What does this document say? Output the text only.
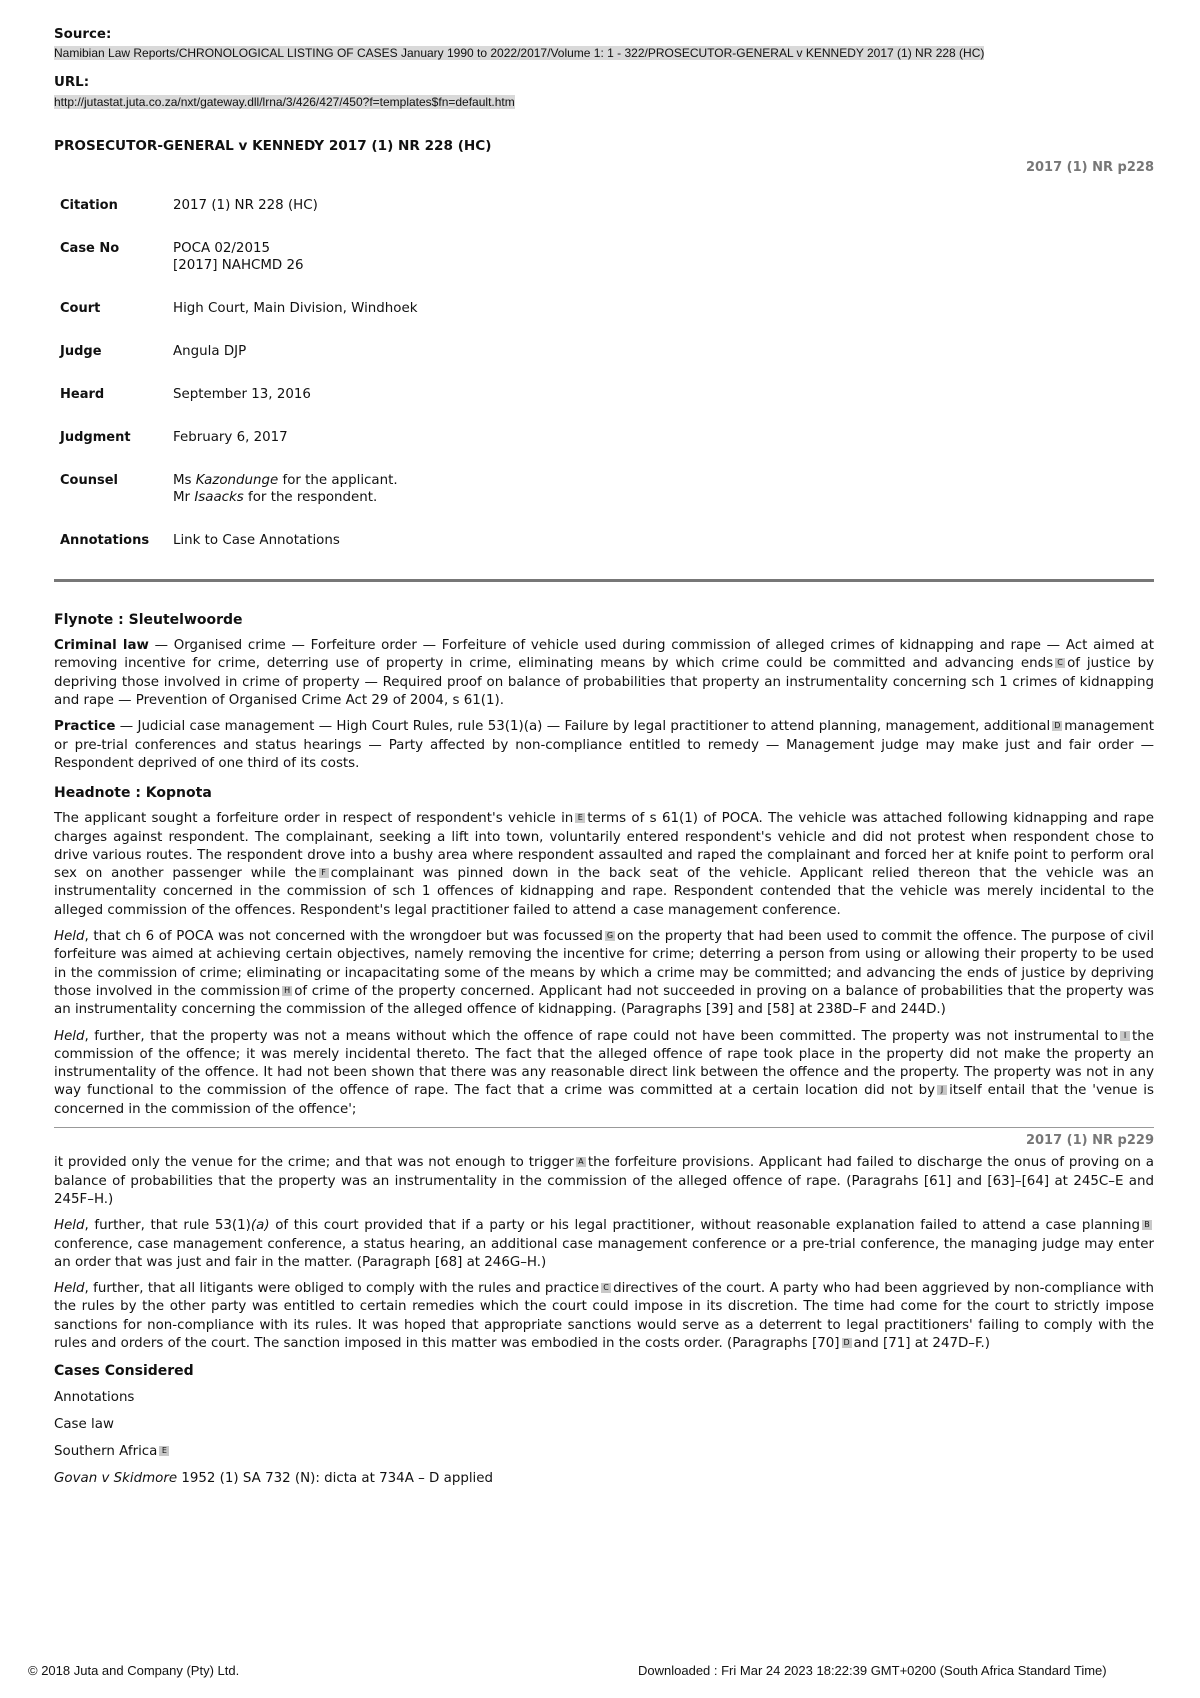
Source:

Namibian Law Reports/CHRONOLOGICAL LISTING OF CASES January 1990 to 2022/2017/Volume 1: 1 - 322/PROSECUTOR-GENERAL v KENNEDY 2017 (1) NR 228 (HC)

URL:

http://jutastat.juta.co.za/nxt/gateway.dll/lrna/3/426/427/450?f=templates$fn=default.htm

PROSECUTOR-GENERAL v KENNEDY 2017 (1) NR 228 (HC)

2017 (1) NR p228

Citation	2017 (1) NR 228 (HC)
Case No	POCA 02/2015
[2017] NAHCMD 26
Court	High Court, Main Division, Windhoek
Judge	Angula DJP
Heard	September 13, 2016
Judgment	February 6, 2017
Counsel	Ms Kazondunge for the applicant.
Mr Isaacks for the respondent.
Annotations	Link to Case Annotations
Flynote : Sleutelwoorde

Criminal law — Organised crime — Forfeiture order — Forfeiture of vehicle used during commission of alleged crimes of kidnapping and rape — Act aimed at removing incentive for crime, deterring use of property in crime, eliminating means by which crime could be committed and advancing ends C of justice by depriving those involved in crime of property — Required proof on balance of probabilities that property an instrumentality concerning sch 1 crimes of kidnapping and rape — Prevention of Organised Crime Act 29 of 2004, s 61(1).

Practice — Judicial case management — High Court Rules, rule 53(1)(a) — Failure by legal practitioner to attend planning, management, additional D management or pre-trial conferences and status hearings — Party affected by non-compliance entitled to remedy — Management judge may make just and fair order — Respondent deprived of one third of its costs.

Headnote : Kopnota

The applicant sought a forfeiture order in respect of respondent's vehicle in E terms of s 61(1) of POCA. The vehicle was attached following kidnapping and rape charges against respondent. The complainant, seeking a lift into town, voluntarily entered respondent's vehicle and did not protest when respondent chose to drive various routes. The respondent drove into a bushy area where respondent assaulted and raped the complainant and forced her at knife point to perform oral sex on another passenger while the F complainant was pinned down in the back seat of the vehicle. Applicant relied thereon that the vehicle was an instrumentality concerned in the commission of sch 1 offences of kidnapping and rape. Respondent contended that the vehicle was merely incidental to the alleged commission of the offences. Respondent's legal practitioner failed to attend a case management conference.

Held, that ch 6 of POCA was not concerned with the wrongdoer but was focussed G on the property that had been used to commit the offence. The purpose of civil forfeiture was aimed at achieving certain objectives, namely removing the incentive for crime; deterring a person from using or allowing their property to be used in the commission of crime; eliminating or incapacitating some of the means by which a crime may be committed; and advancing the ends of justice by depriving those involved in the commission H of crime of the property concerned. Applicant had not succeeded in proving on a balance of probabilities that the property was an instrumentality concerning the commission of the alleged offence of kidnapping. (Paragraphs [39] and [58] at 238D–F and 244D.)

Held, further, that the property was not a means without which the offence of rape could not have been committed. The property was not instrumental to I the commission of the offence; it was merely incidental thereto. The fact that the alleged offence of rape took place in the property did not make the property an instrumentality of the offence. It had not been shown that there was any reasonable direct link between the offence and the property. The property was not in any way functional to the commission of the offence of rape. The fact that a crime was committed at a certain location did not by J itself entail that the 'venue is concerned in the commission of the offence';

2017 (1) NR p229

it provided only the venue for the crime; and that was not enough to trigger A the forfeiture provisions. Applicant had failed to discharge the onus of proving on a balance of probabilities that the property was an instrumentality in the commission of the alleged offence of rape. (Paragrahs [61] and [63]–[64] at 245C–E and 245F–H.)

Held, further, that rule 53(1)(a) of this court provided that if a party or his legal practitioner, without reasonable explanation failed to attend a case planning Bconference, case management conference, a status hearing, an additional case management conference or a pre-trial conference, the managing judge may enter an order that was just and fair in the matter. (Paragraph [68] at 246G–H.)

Held, further, that all litigants were obliged to comply with the rules and practice C directives of the court. A party who had been aggrieved by non-compliance with the rules by the other party was entitled to certain remedies which the court could impose in its discretion. The time had come for the court to strictly impose sanctions for non-compliance with its rules. It was hoped that appropriate sanctions would serve as a deterrent to legal practitioners' failing to comply with the rules and orders of the court. The sanction imposed in this matter was embodied in the costs order. (Paragraphs [70] D and [71] at 247D–F.)

Cases Considered

Annotations

Case law

Southern Africa E

Govan v Skidmore 1952 (1) SA 732 (N): dicta at 734A – D applied

© 2018 Juta and Company (Pty) Ltd.	Downloaded : Fri Mar 24 2023 18:22:39 GMT+0200 (South Africa Standard Time)
